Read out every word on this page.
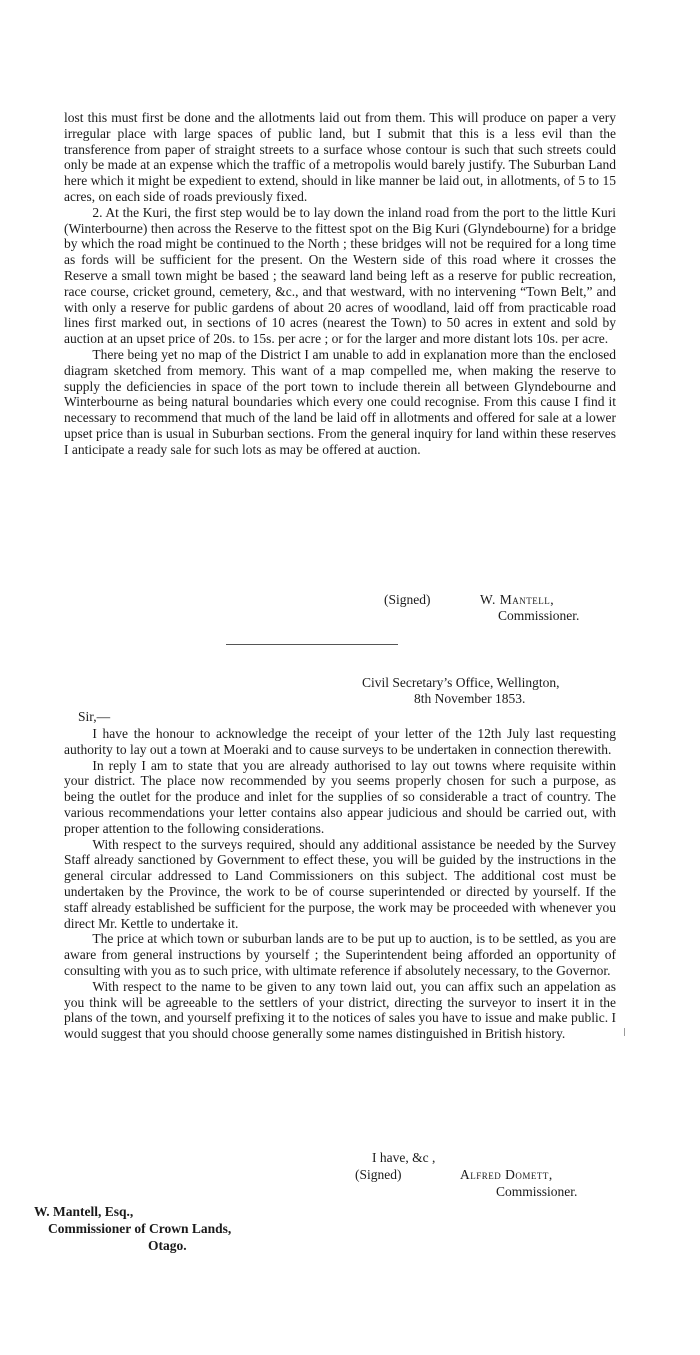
lost this must first be done and the allotments laid out from them. This will produce on paper a very irregular place with large spaces of public land, but I submit that this is a less evil than the transference from paper of straight streets to a surface whose contour is such that such streets could only be made at an expense which the traffic of a metropolis would barely justify. The Suburban Land here which it might be expedient to extend, should in like manner be laid out, in allotments, of 5 to 15 acres, on each side of roads previously fixed.

2. At the Kuri, the first step would be to lay down the inland road from the port to the little Kuri (Winterbourne) then across the Reserve to the fittest spot on the Big Kuri (Glyndebourne) for a bridge by which the road might be continued to the North ; these bridges will not be required for a long time as fords will be sufficient for the present. On the Western side of this road where it crosses the Reserve a small town might be based ; the seaward land being left as a reserve for public recreation, race course, cricket ground, cemetery, &c., and that westward, with no intervening “Town Belt,” and with only a reserve for public gardens of about 20 acres of woodland, laid off from practicable road lines first marked out, in sections of 10 acres (nearest the Town) to 50 acres in extent and sold by auction at an upset price of 20s. to 15s. per acre ; or for the larger and more distant lots 10s. per acre.

There being yet no map of the District I am unable to add in explanation more than the enclosed diagram sketched from memory. This want of a map compelled me, when making the reserve to supply the deficiencies in space of the port town to include therein all between Glyndebourne and Winterbourne as being natural boundaries which every one could recognise. From this cause I find it necessary to recommend that much of the land be laid off in allotments and offered for sale at a lower upset price than is usual in Suburban sections. From the general inquiry for land within these reserves I anticipate a ready sale for such lots as may be offered at auction.

(Signed)	W. Mantell,
Commissioner.
Civil Secretary’s Office, Wellington,
8th November 1853.
Sir,—

I have the honour to acknowledge the receipt of your letter of the 12th July last requesting authority to lay out a town at Moeraki and to cause surveys to be undertaken in connection therewith.

In reply I am to state that you are already authorised to lay out towns where requisite within your district. The place now recommended by you seems properly chosen for such a purpose, as being the outlet for the produce and inlet for the supplies of so considerable a tract of country. The various recommendations your letter contains also appear judicious and should be carried out, with proper attention to the following considerations.

With respect to the surveys required, should any additional assistance be needed by the Survey Staff already sanctioned by Government to effect these, you will be guided by the instructions in the general circular addressed to Land Commissioners on this subject. The additional cost must be undertaken by the Province, the work to be of course superintended or directed by yourself. If the staff already established be sufficient for the purpose, the work may be proceeded with whenever you direct Mr. Kettle to undertake it.

The price at which town or suburban lands are to be put up to auction, is to be settled, as you are aware from general instructions by yourself ; the Superintendent being afforded an opportunity of consulting with you as to such price, with ultimate reference if absolutely necessary, to the Governor.

With respect to the name to be given to any town laid out, you can affix such an appelation as you think will be agreeable to the settlers of your district, directing the surveyor to insert it in the plans of the town, and yourself prefixing it to the notices of sales you have to issue and make public. I would suggest that you should choose generally some names distinguished in British history.

I have, &c ,
(Signed)	Alfred Domett,
Commissioner.
W. Mantell, Esq.,
Commissioner of Crown Lands,
Otago.
